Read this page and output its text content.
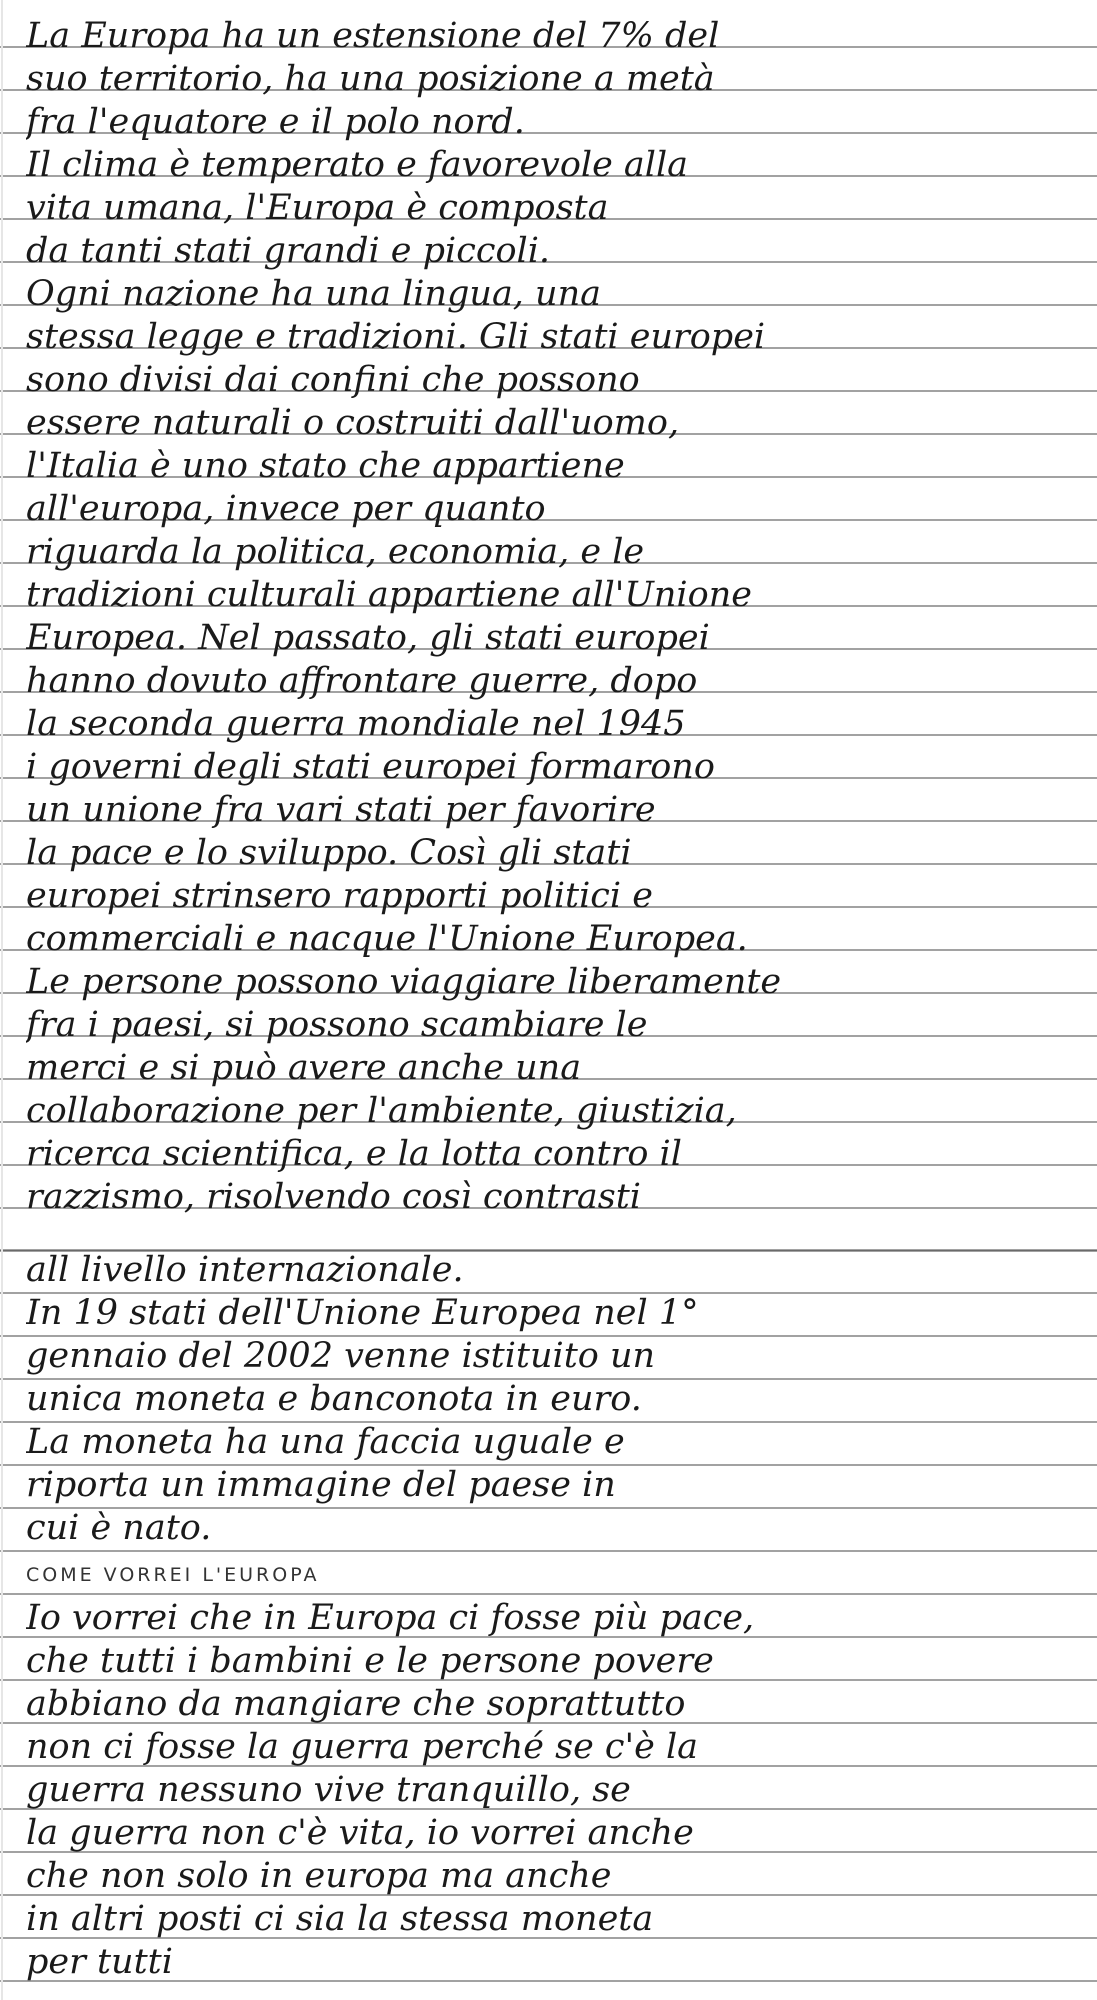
La Europa ha un estensione del 7% del
suo territorio, ha una posizione a metà
fra l'equatore e il polo nord.
Il clima è temperato e favorevole alla
vita umana, l'Europa è composta
da tanti stati grandi e piccoli.
Ogni nazione ha una lingua, una
stessa legge e tradizioni. Gli stati europei
sono divisi dai confini che possono
essere naturali o costruiti dall'uomo,
l'Italia è uno stato che appartiene
all'europa, invece per quanto
riguarda la politica, economia, e le
tradizioni culturali appartiene all'Unione
Europea. Nel passato, gli stati europei
hanno dovuto affrontare guerre, dopo
la seconda guerra mondiale nel 1945
i governi degli stati europei formarono
un unione fra vari stati per favorire
la pace e lo sviluppo. Così gli stati
europei strinsero rapporti politici e
commerciali e nacque l'Unione Europea.
Le persone possono viaggiare liberamente
fra i paesi, si possono scambiare le
merci e si può avere anche una
collaborazione per l'ambiente, giustizia,
ricerca scientifica, e la lotta contro il
razzismo, risolvendo così contrasti
all livello internazionale.
In 19 stati dell'Unione Europea nel 1°
gennaio del 2002 venne istituito un
unica moneta e banconota in euro.
La moneta ha una faccia uguale e
riporta un immagine del paese in
cui è nato.
COME VORREI L'EUROPA
Io vorrei che in Europa ci fosse più pace,
che tutti i bambini e le persone povere
abbiano da mangiare che soprattutto
non ci fosse la guerra perché se c'è la
guerra nessuno vive tranquillo, se
la guerra non c'è vita, io vorrei anche
che non solo in europa ma anche
in altri posti ci sia la stessa moneta
per tutti
